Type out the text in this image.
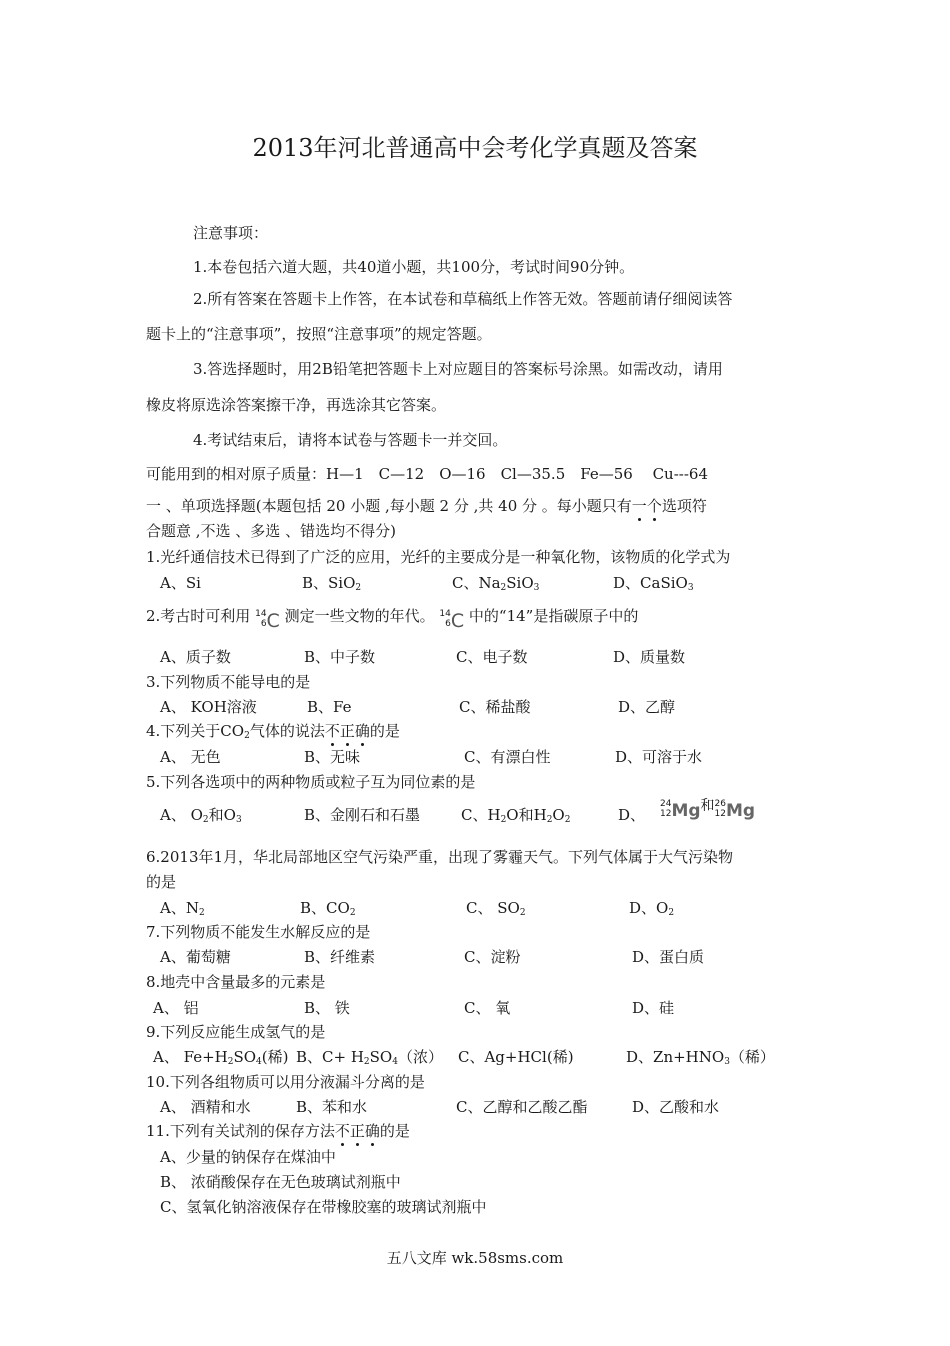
2013年河北普通高中会考化学真题及答案
注意事项：
1.本卷包括六道大题，共40道小题，共100分，考试时间90分钟。
2.所有答案在答题卡上作答，在本试卷和草稿纸上作答无效。答题前请仔细阅读答
题卡上的“注意事项”，按照“注意事项”的规定答题。
3.答选择题时，用2B铅笔把答题卡上对应题目的答案标号涂黑。如需改动，请用
橡皮将原选涂答案擦干净，再选涂其它答案。
4.考试结束后，请将本试卷与答题卡一并交回。
可能用到的相对原子质量：H—1　C—12　O—16　Cl—35.5　Fe—56　 Cu---64
一 、单项选择题(本题包括 20 小题 ,每小题 2 分 ,共 40 分 。每小题只有一个选项符
合题意 ,不选 、多选 、错选均不得分)
1.光纤通信技术已得到了广泛的应用，光纤的主要成分是一种氧化物，该物质的化学式为
A、Si	B、SiO$_2$	C、$Na_2SiO_3$	D、CaSiO$_3$
2.考古时可利用 14
6C 测定一些文物的年代。 14
6C 中的“14”是指碳原子中的
A、质子数	B、中子数	C、电子数	D、质量数
3.下列物质不能导电的是
A、 KOH溶液	B、Fe	C、稀盐酸	D、乙醇
4.下列关于$CO_2$气体的说法不正确的是
A、 无色	B、无味	C、有漂白性	D、可溶于水
5.下列各选项中的两种物质或粒子互为同位素的是
A、 $O_2$和$O_3$	B、金刚石和石墨	C、$H_2O$和$H_2O_2$	D、
24
12Mg和26
12Mg
6.2013年1月，华北局部地区空气污染严重，出现了雾霾天气。下列气体属于大气污染物
的是
A、$N_2$	B、$CO_2$	C、 $SO_2$	D、$O_2$
7.下列物质不能发生水解反应的是
A、葡萄糖	B、纤维素	C、淀粉	D、蛋白质
8.地壳中含量最多的元素是
A、 铝	B、 铁	C、 氧	D、硅
9.下列反应能生成氢气的是
A、 $Fe+H_2SO_4$(稀) B、$C+ H_2SO_4$（浓） C、Ag+HCl(稀)	D、$Zn+HNO_3$（稀）
10.下列各组物质可以用分液漏斗分离的是
A、 酒精和水	B、苯和水	C、乙醇和乙酸乙酯	D、乙酸和水
11.下列有关试剂的保存方法不正确的是
A、少量的钠保存在煤油中
B、 浓硝酸保存在无色玻璃试剂瓶中
C、氢氧化钠溶液保存在带橡胶塞的玻璃试剂瓶中
五八文库 wk.58sms.com
